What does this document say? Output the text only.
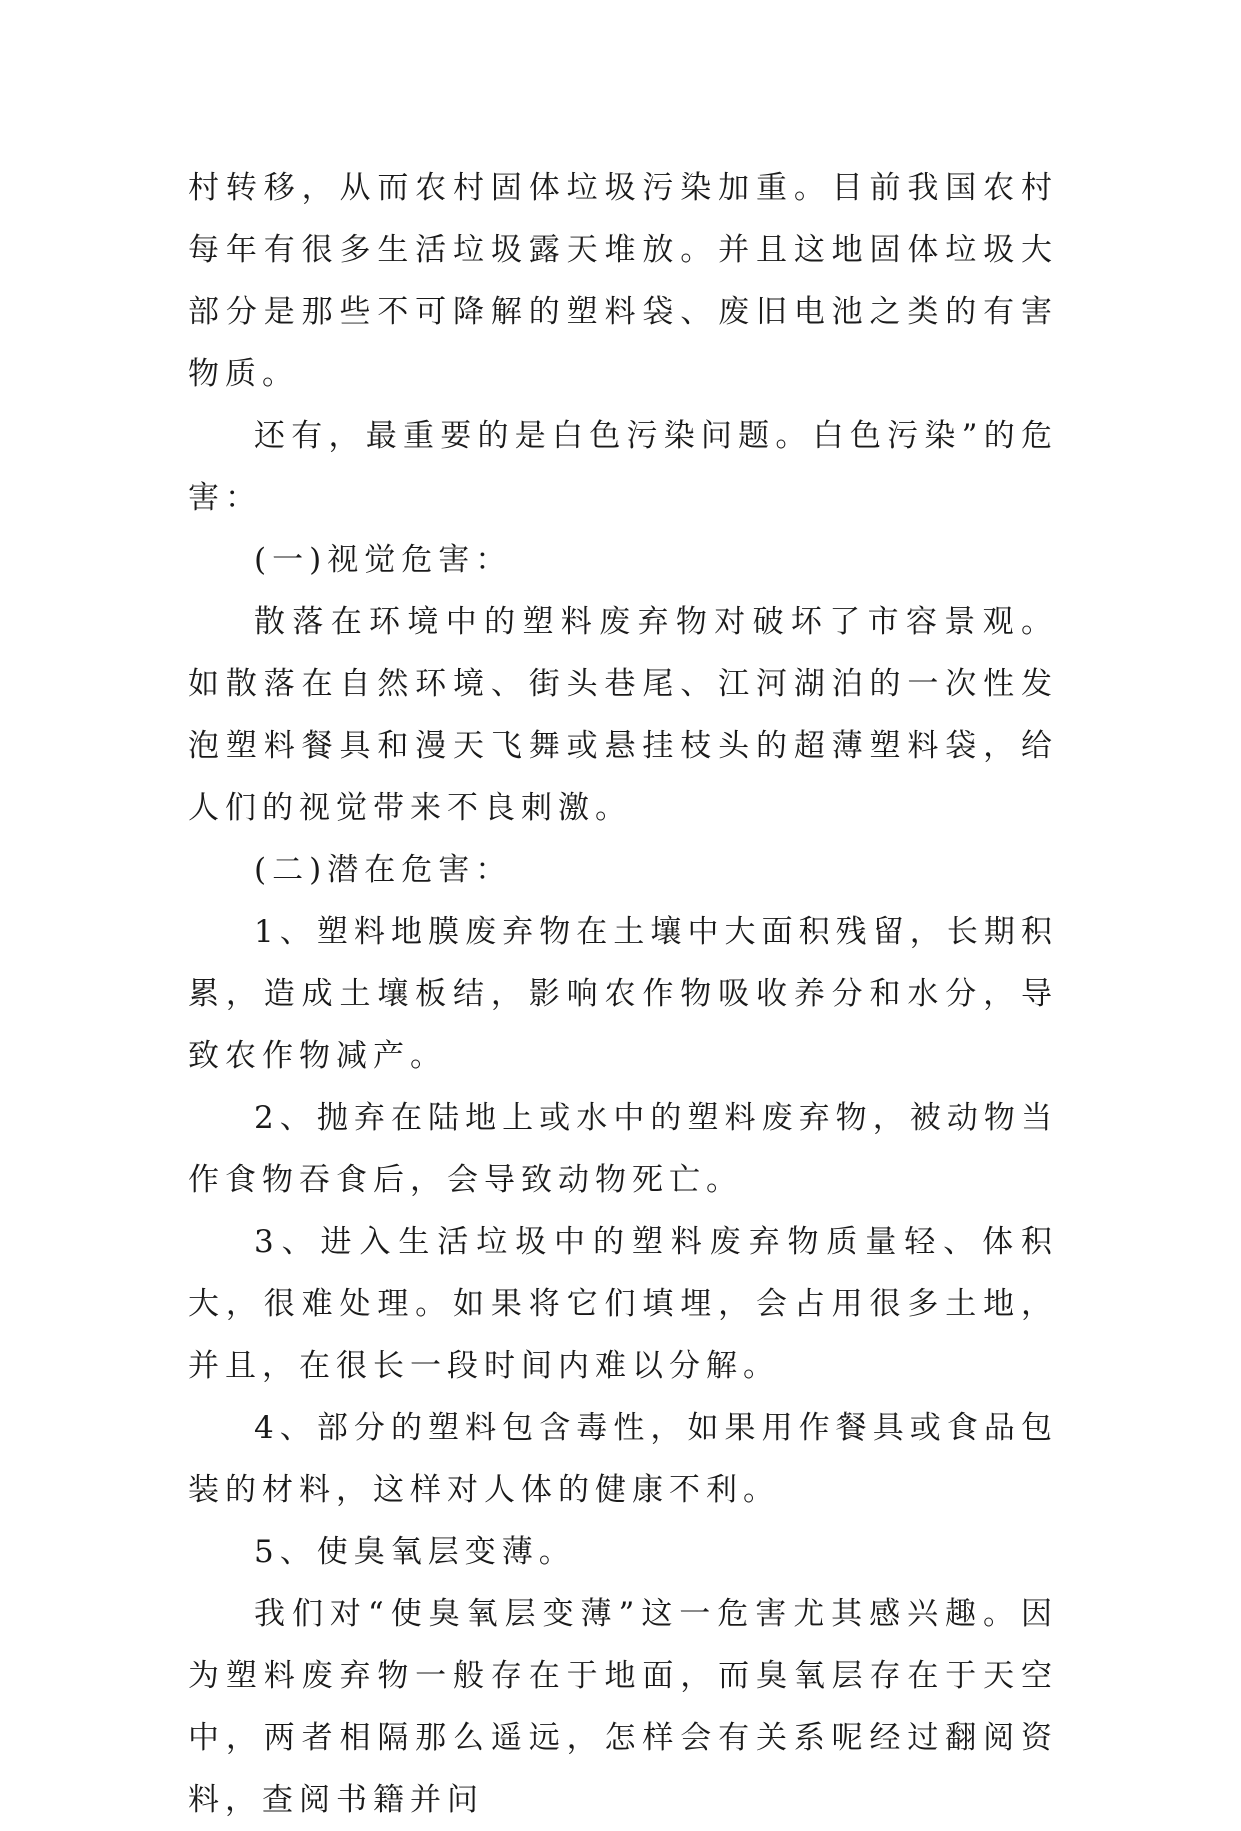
村转移，从而农村固体垃圾污染加重。目前我国农村每年有很多生活垃圾露天堆放。并且这地固体垃圾大部分是那些不可降解的塑料袋、废旧电池之类的有害物质。

还有，最重要的是白色污染问题。白色污染”的危害：

(一)视觉危害：

散落在环境中的塑料废弃物对破坏了市容景观。如散落在自然环境、街头巷尾、江河湖泊的一次性发泡塑料餐具和漫天飞舞或悬挂枝头的超薄塑料袋，给人们的视觉带来不良刺激。

(二)潜在危害：

1、塑料地膜废弃物在土壤中大面积残留，长期积累，造成土壤板结，影响农作物吸收养分和水分，导致农作物减产。

2、抛弃在陆地上或水中的塑料废弃物，被动物当作食物吞食后，会导致动物死亡。

3、进入生活垃圾中的塑料废弃物质量轻、体积大，很难处理。如果将它们填埋，会占用很多土地，并且，在很长一段时间内难以分解。

4、部分的塑料包含毒性，如果用作餐具或食品包装的材料，这样对人体的健康不利。

5、使臭氧层变薄。

我们对“使臭氧层变薄”这一危害尤其感兴趣。因为塑料废弃物一般存在于地面，而臭氧层存在于天空中，两者相隔那么遥远，怎样会有关系呢经过翻阅资料，查阅书籍并问
